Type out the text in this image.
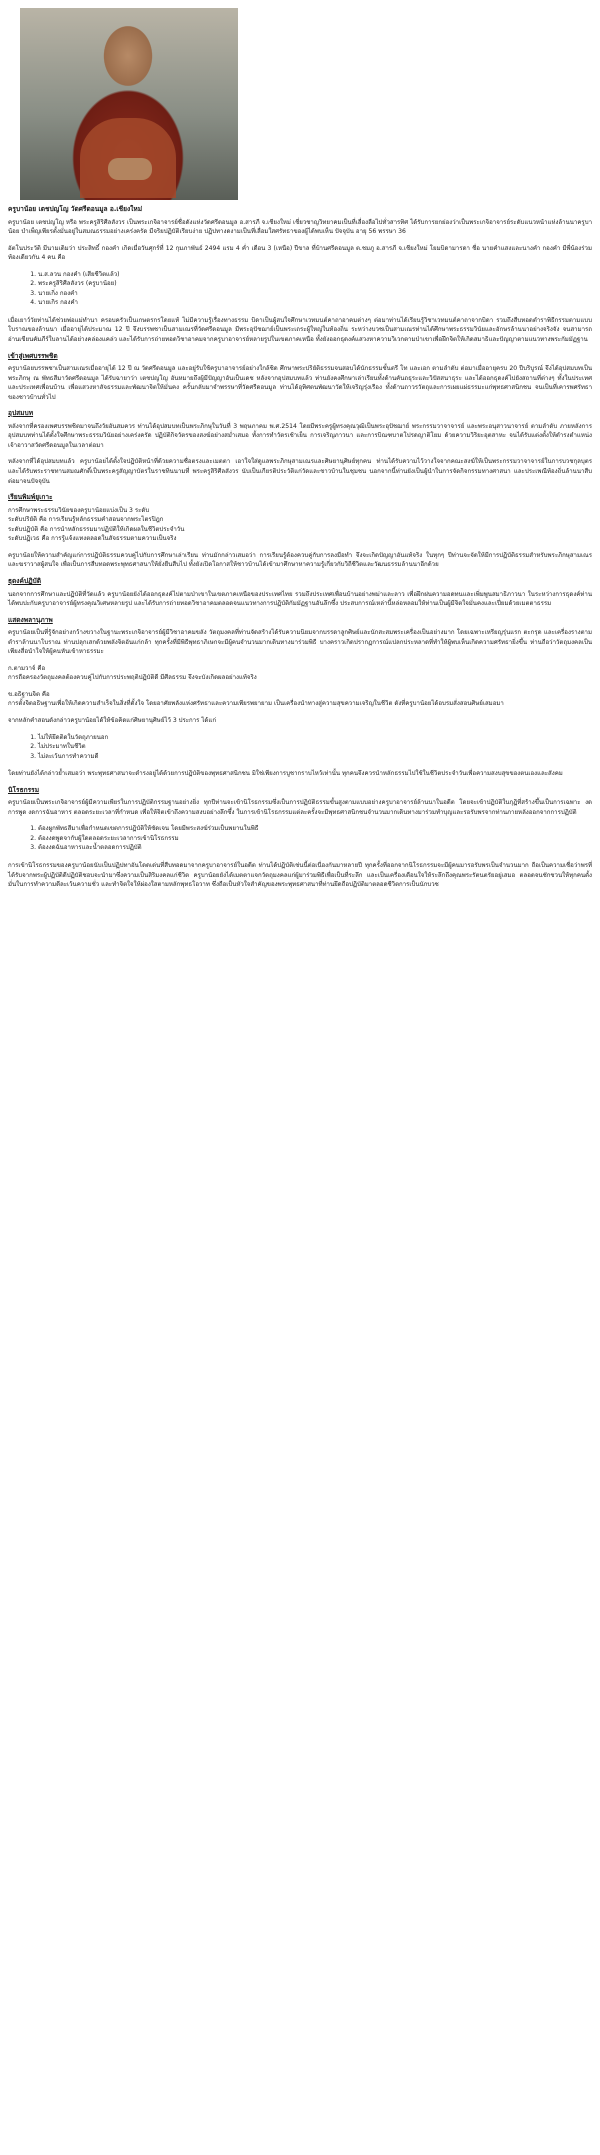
ครูบาน้อย เตชปญโญ วัดศรีดอนมูล อ.เชียงใหม่

ครูบาน้อย เตชปญโญ หรือ พระครูสิริศีลสังวร เป็นพระเกจิอาจารย์ชื่อดังแห่งวัดศรีดอนมูล อ.สารภี จ.เชียงใหม่ เชี่ยวชาญวิทยาคมเป็นที่เลื่องลือไปทั่วสารทิศ ได้รับการยกย่องว่าเป็นพระเกจิอาจารย์ระดับแนวหน้าแห่งล้านนาครูบาน้อย บำเพ็ญเพียรตั้งมั่นอยู่ในสมณธรรมอย่างเคร่งครัด มีจริยปฏิบัติเรียบง่าย ปฏิปทางดงามเป็นที่เลื่อมใสศรัทธาของผู้ได้พบเห็น ปัจจุบัน อายุ 56 พรรษา 36

อัตโนประวัติ มีนามเดิมว่า ประสิทธิ์ กองคำ เกิดเมื่อวันศุกร์ที่ 12 กุมภาพันธ์ 2494 แรม 4 ค่ำ เดือน 3 (เหนือ) ปีขาล ที่บ้านศรีดอนมูล ต.ชมภู อ.สารภี จ.เชียงใหม่ โยมบิดามารดา ชื่อ นายคำแสงและนางคำ กองคำ มีพี่น้องร่วมท้องเดียวกัน 4 คน คือ

1. น.ส.ลวน กองคำ (เสียชีวิตแล้ว)
2. พระครูสิริศีลสังวร (ครูบาน้อย)
3. นายเกิ่ง กองคำ
4. นายเกิร กองคำ

เมื่อเยาว์วัยท่านได้ช่วยพ่อแม่ทำนา ครอบครัวเป็นเกษตรกรโดยแท้ ไม่มีความรู้เรื่องทางธรรม บิดาเป็นผู้สนใจศึกษาเวทมนต์คาถาอาคมต่างๆ ต่อมาท่านได้เรียนรู้วิชาเวทมนต์คาถาจากบิดา รวมถึงสืบทอดตำราพิธีกรรมตามแบบโบราณของล้านนา เมื่ออายุได้ประมาณ 12 ปี จึงบรรพชาเป็นสามเณรที่วัดศรีดอนมูล มีพระอุปัชฌาย์เป็นพระเถระผู้ใหญ่ในท้องถิ่น ระหว่างบวชเป็นสามเณรท่านได้ศึกษาพระธรรมวินัยและอักษรล้านนาอย่างจริงจัง จนสามารถอ่านเขียนคัมภีร์ใบลานได้อย่างคล่องแคล่ว และได้รับการถ่ายทอดวิชาอาคมจากครูบาอาจารย์หลายรูปในเขตภาคเหนือ ทั้งยังออกธุดงค์แสวงหาความวิเวกตามป่าเขาเพื่อฝึกจิตให้เกิดสมาธิและปัญญาตามแนวทางพระกัมมัฏฐาน

เข้าสู่เพศบรรพชิต

ครูบาน้อยบรรพชาเป็นสามเณรเมื่ออายุได้ 12 ปี ณ วัดศรีดอนมูล และอยู่รับใช้ครูบาอาจารย์อย่างใกล้ชิด ศึกษาพระปริยัติธรรมจนสอบได้นักธรรมชั้นตรี โท และเอก ตามลำดับ ต่อมาเมื่ออายุครบ 20 ปีบริบูรณ์ จึงได้อุปสมบทเป็นพระภิกษุ ณ พัทธสีมาวัดศรีดอนมูล ได้รับฉายาว่า เตชปญโญ อันหมายถึงผู้มีปัญญาอันเป็นเดช หลังจากอุปสมบทแล้ว ท่านยังคงศึกษาเล่าเรียนทั้งด้านคันถธุระและวิปัสสนาธุระ และได้ออกธุดงค์ไปยังสถานที่ต่างๆ ทั้งในประเทศและประเทศเพื่อนบ้าน เพื่อแสวงหาสัจธรรมและพัฒนาจิตให้มั่นคง ครั้นกลับมาจำพรรษาที่วัดศรีดอนมูล ท่านได้อุทิศตนพัฒนาวัดให้เจริญรุ่งเรือง ทั้งด้านถาวรวัตถุและการเผยแผ่ธรรมะแก่พุทธศาสนิกชน จนเป็นที่เคารพศรัทธาของชาวบ้านทั่วไป

อุปสมบท

หลังจากที่ครองเพศบรรพชิตมาจนถึงวัยอันสมควร ท่านได้อุปสมบทเป็นพระภิกษุในวันที่ 3 พฤษภาคม พ.ศ.2514 โดยมีพระครูผู้ทรงคุณวุฒิเป็นพระอุปัชฌาย์ พระกรรมวาจาจารย์ และพระอนุสาวนาจารย์ ตามลำดับ ภายหลังการอุปสมบทท่านได้ตั้งใจศึกษาพระธรรมวินัยอย่างเคร่งครัด ปฏิบัติกิจวัตรของสงฆ์อย่างสม่ำเสมอ ทั้งการทำวัตรเช้าเย็น การเจริญภาวนา และการบิณฑบาตโปรดญาติโยม ด้วยความวิริยะอุตสาหะ จนได้รับแต่งตั้งให้ดำรงตำแหน่งเจ้าอาวาสวัดศรีดอนมูลในเวลาต่อมา

หลังจากที่ได้อุปสมบทแล้ว ครูบาน้อยได้ตั้งใจปฏิบัติหน้าที่ด้วยความซื่อตรงและเมตตา เอาใจใส่ดูแลพระภิกษุสามเณรและศิษยานุศิษย์ทุกคน ท่านได้รับความไว้วางใจจากคณะสงฆ์ให้เป็นพระกรรมวาจาจารย์ในการบวชกุลบุตร และได้รับพระราชทานสมณศักดิ์เป็นพระครูสัญญาบัตรในราชทินนามที่ พระครูสิริศีลสังวร นับเป็นเกียรติประวัติแก่วัดและชาวบ้านในชุมชน นอกจากนี้ท่านยังเป็นผู้นำในการจัดกิจกรรมทางศาสนา และประเพณีท้องถิ่นล้านนาสืบต่อมาจนปัจจุบัน

เรียนพิมพ์ยูเกาะ
การศึกษาพระธรรมวินัยของครูบาน้อยแบ่งเป็น 3 ระดับ
ระดับปริยัติ คือ การเรียนรู้หลักธรรมคำสอนจากพระไตรปิฎก
ระดับปฏิบัติ คือ การนำหลักธรรมมาปฏิบัติให้เกิดผลในชีวิตประจำวัน
ระดับปฏิเวธ คือ การรู้แจ้งแทงตลอดในสัจธรรมตามความเป็นจริง

ครูบาน้อยให้ความสำคัญแก่การปฏิบัติธรรมควบคู่ไปกับการศึกษาเล่าเรียน ท่านมักกล่าวเสมอว่า การเรียนรู้ต้องควบคู่กับการลงมือทำ จึงจะเกิดปัญญาอันแท้จริง ในทุกๆ ปีท่านจะจัดให้มีการปฏิบัติธรรมสำหรับพระภิกษุสามเณรและฆราวาสผู้สนใจ เพื่อเป็นการสืบทอดพระพุทธศาสนาให้ยั่งยืนสืบไป ทั้งยังเปิดโอกาสให้ชาวบ้านได้เข้ามาศึกษาหาความรู้เกี่ยวกับวิถีชีวิตและวัฒนธรรมล้านนาอีกด้วย

ธุดงค์ปฏิบัติ

นอกจากการศึกษาและปฏิบัติที่วัดแล้ว ครูบาน้อยยังได้ออกธุดงค์ไปตามป่าเขาในเขตภาคเหนือของประเทศไทย รวมถึงประเทศเพื่อนบ้านอย่างพม่าและลาว เพื่อฝึกฝนความอดทนและเพิ่มพูนสมาธิภาวนา ในระหว่างการธุดงค์ท่านได้พบปะกับครูบาอาจารย์ผู้ทรงคุณวิเศษหลายรูป และได้รับการถ่ายทอดวิชาอาคมตลอดจนแนวทางการปฏิบัติกัมมัฏฐานอันลึกซึ้ง ประสบการณ์เหล่านี้หล่อหลอมให้ท่านเป็นผู้มีจิตใจมั่นคงและเปี่ยมด้วยเมตตาธรรม

แสดงพลานุภาพ

ครูบาน้อยเป็นที่รู้จักอย่างกว้างขวางในฐานะพระเกจิอาจารย์ผู้มีวิชาอาคมขลัง วัตถุมงคลที่ท่านจัดสร้างได้รับความนิยมจากบรรดาลูกศิษย์และนักสะสมพระเครื่องเป็นอย่างมาก โดยเฉพาะเหรียญรุ่นแรก ตะกรุด และเครื่องรางตามตำราล้านนาโบราณ ท่านปลุกเสกด้วยพลังจิตอันแก่กล้า ทุกครั้งที่มีพิธีพุทธาภิเษกจะมีผู้คนจำนวนมากเดินทางมาร่วมพิธี บางคราวเกิดปรากฏการณ์แปลกประหลาดที่ทำให้ผู้พบเห็นเกิดความศรัทธายิ่งขึ้น ท่านถือว่าวัตถุมงคลเป็นเพียงสื่อนำใจให้ผู้คนหันเข้าหาธรรมะ

ก.ตามวาจ์ คือ

การถือครองวัตถุมงคลต้องควบคู่ไปกับการประพฤติปฏิบัติดี มีศีลธรรม จึงจะบังเกิดผลอย่างแท้จริง

ข.อธิฐานจิต คือ

การตั้งจิตอธิษฐานเพื่อให้เกิดความสำเร็จในสิ่งที่ตั้งใจ โดยอาศัยพลังแห่งศรัทธาและความเพียรพยายาม เป็นเครื่องนำทางสู่ความสุขความเจริญในชีวิต ดังที่ครูบาน้อยได้อบรมสั่งสอนศิษย์เสมอมา

จากหลักคำสอนดังกล่าวครูบาน้อยได้ให้ข้อคิดแก่ศิษยานุศิษย์ไว้ 3 ประการ ได้แก่

1. ไม่ให้ยึดติดในวัตถุภายนอก
2. ไม่ประมาทในชีวิต
3. ไม่ละเว้นการทำความดี

โดยท่านยังได้กล่าวย้ำเสมอว่า พระพุทธศาสนาจะดำรงอยู่ได้ด้วยการปฏิบัติของพุทธศาสนิกชน มิใช่เพียงการบูชากราบไหว้เท่านั้น ทุกคนจึงควรนำหลักธรรมไปใช้ในชีวิตประจำวันเพื่อความสงบสุขของตนเองและสังคม

นิโรธกรรม

ครูบาน้อยเป็นพระเกจิอาจารย์ผู้มีความเพียรในการปฏิบัติกรรมฐานอย่างยิ่ง ทุกปีท่านจะเข้านิโรธกรรมซึ่งเป็นการปฏิบัติธรรมขั้นสูงตามแบบอย่างครูบาอาจารย์ล้านนาในอดีต โดยจะเข้าปฏิบัติในกุฏิที่สร้างขึ้นเป็นการเฉพาะ งดการพูด งดการฉันอาหาร ตลอดระยะเวลาที่กำหนด เพื่อให้จิตเข้าถึงความสงบอย่างลึกซึ้ง ในการเข้านิโรธกรรมแต่ละครั้งจะมีพุทธศาสนิกชนจำนวนมากเดินทางมาร่วมทำบุญและรอรับพรจากท่านภายหลังออกจากการปฏิบัติ

1. ต้องผูกพัทธสีมาเพื่อกำหนดเขตการปฏิบัติให้ชัดเจน โดยมีพระสงฆ์ร่วมเป็นพยานในพิธี
2. ต้องงดพูดจากับผู้ใดตลอดระยะเวลาการเข้านิโรธกรรม
3. ต้องงดฉันอาหารและน้ำตลอดการปฏิบัติ

การเข้านิโรธกรรมของครูบาน้อยนับเป็นปฏิปทาอันโดดเด่นที่สืบทอดมาจากครูบาอาจารย์ในอดีต ท่านได้ปฏิบัติเช่นนี้ต่อเนื่องกันมาหลายปี ทุกครั้งที่ออกจากนิโรธกรรมจะมีผู้คนมารอรับพรเป็นจำนวนมาก ถือเป็นความเชื่อว่าพรที่ได้รับจากพระผู้ปฏิบัติดีปฏิบัติชอบจะนำมาซึ่งความเป็นสิริมงคลแก่ชีวิต ครูบาน้อยยังได้เมตตาแจกวัตถุมงคลแก่ผู้มาร่วมพิธีเพื่อเป็นที่ระลึก และเป็นเครื่องเตือนใจให้ระลึกถึงคุณพระรัตนตรัยอยู่เสมอ ตลอดจนชักชวนให้ทุกคนตั้งมั่นในการทำความดีละเว้นความชั่ว และทำจิตใจให้ผ่องใสตามหลักพุทธโอวาท ซึ่งถือเป็นหัวใจสำคัญของพระพุทธศาสนาที่ท่านยึดถือปฏิบัติมาตลอดชีวิตการเป็นนักบวช
